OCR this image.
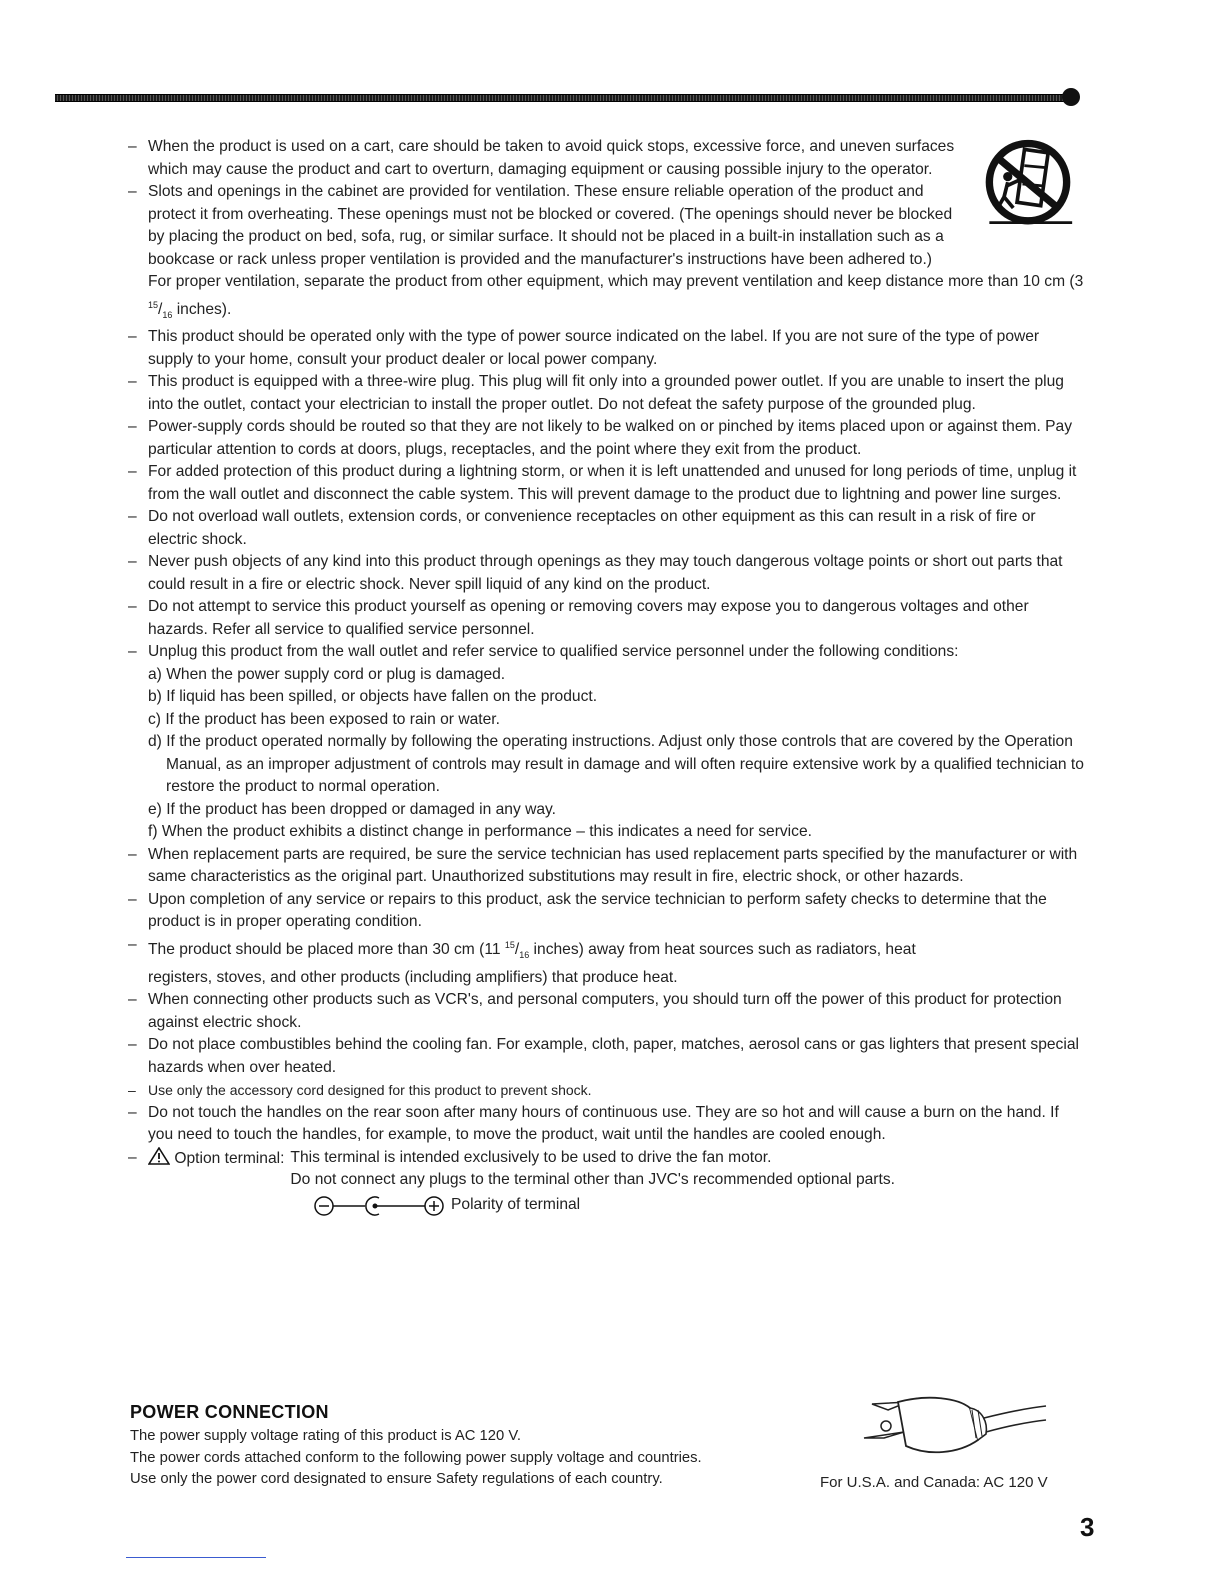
– When the product is used on a cart, care should be taken to avoid quick stops, excessive force, and uneven surfaces which may cause the product and cart to overturn, damaging equipment or causing possible injury to the operator.
– Slots and openings in the cabinet are provided for ventilation. These ensure reliable operation of the product and protect it from overheating. These openings must not be blocked or covered. (The openings should never be blocked by placing the product on bed, sofa, rug, or similar surface. It should not be placed in a built-in installation such as a bookcase or rack unless proper ventilation is provided and the manufacturer's instructions have been adhered to.)
For proper ventilation, separate the product from other equipment, which may prevent ventilation and keep distance more than 10 cm (3 $^{15}/_{16}$ inches).
– This product should be operated only with the type of power source indicated on the label. If you are not sure of the type of power supply to your home, consult your product dealer or local power company.
– This product is equipped with a three-wire plug. This plug will fit only into a grounded power outlet. If you are unable to insert the plug into the outlet, contact your electrician to install the proper outlet. Do not defeat the safety purpose of the grounded plug.
– Power-supply cords should be routed so that they are not likely to be walked on or pinched by items placed upon or against them. Pay particular attention to cords at doors, plugs, receptacles, and the point where they exit from the product.
– For added protection of this product during a lightning storm, or when it is left unattended and unused for long periods of time, unplug it from the wall outlet and disconnect the cable system. This will prevent damage to the product due to lightning and power line surges.
– Do not overload wall outlets, extension cords, or convenience receptacles on other equipment as this can result in a risk of fire or electric shock.
– Never push objects of any kind into this product through openings as they may touch dangerous voltage points or short out parts that could result in a fire or electric shock. Never spill liquid of any kind on the product.
– Do not attempt to service this product yourself as opening or removing covers may expose you to dangerous voltages and other hazards. Refer all service to qualified service personnel.
– Unplug this product from the wall outlet and refer service to qualified service personnel under the following conditions:
a) When the power supply cord or plug is damaged.
b) If liquid has been spilled, or objects have fallen on the product.
c) If the product has been exposed to rain or water.
d) If the product operated normally by following the operating instructions. Adjust only those controls that are covered by the Operation Manual, as an improper adjustment of controls may result in damage and will often require extensive work by a qualified technician to restore the product to normal operation.
e) If the product has been dropped or damaged in any way.
f) When the product exhibits a distinct change in performance – this indicates a need for service.
– When replacement parts are required, be sure the service technician has used replacement parts specified by the manufacturer or with same characteristics as the original part. Unauthorized substitutions may result in fire, electric shock, or other hazards.
– Upon completion of any service or repairs to this product, ask the service technician to perform safety checks to determine that the product is in proper operating condition.
– The product should be placed more than 30 cm (11 $^{15}/_{16}$ inches) away from heat sources such as radiators, heat
registers, stoves, and other products (including amplifiers) that produce heat.
– When connecting other products such as VCR's, and personal computers, you should turn off the power of this product for protection against electric shock.
– Do not place combustibles behind the cooling fan. For example, cloth, paper, matches, aerosol cans or gas lighters that present special hazards when over heated.
– Use only the accessory cord designed for this product to prevent shock.
– Do not touch the handles on the rear soon after many hours of continuous use. They are so hot and will cause a burn on the hand. If you need to touch the handles, for example, to move the product, wait until the handles are cooled enough.
– Option terminal: This terminal is intended exclusively to be used to drive the fan motor.
Do not connect any plugs to the terminal other than JVC's recommended optional parts.
Polarity of terminal
POWER CONNECTION
The power supply voltage rating of this product is AC 120 V.
The power cords attached conform to the following power supply voltage and countries.
Use only the power cord designated to ensure Safety regulations of each country.	For U.S.A. and Canada: AC 120 V
3
